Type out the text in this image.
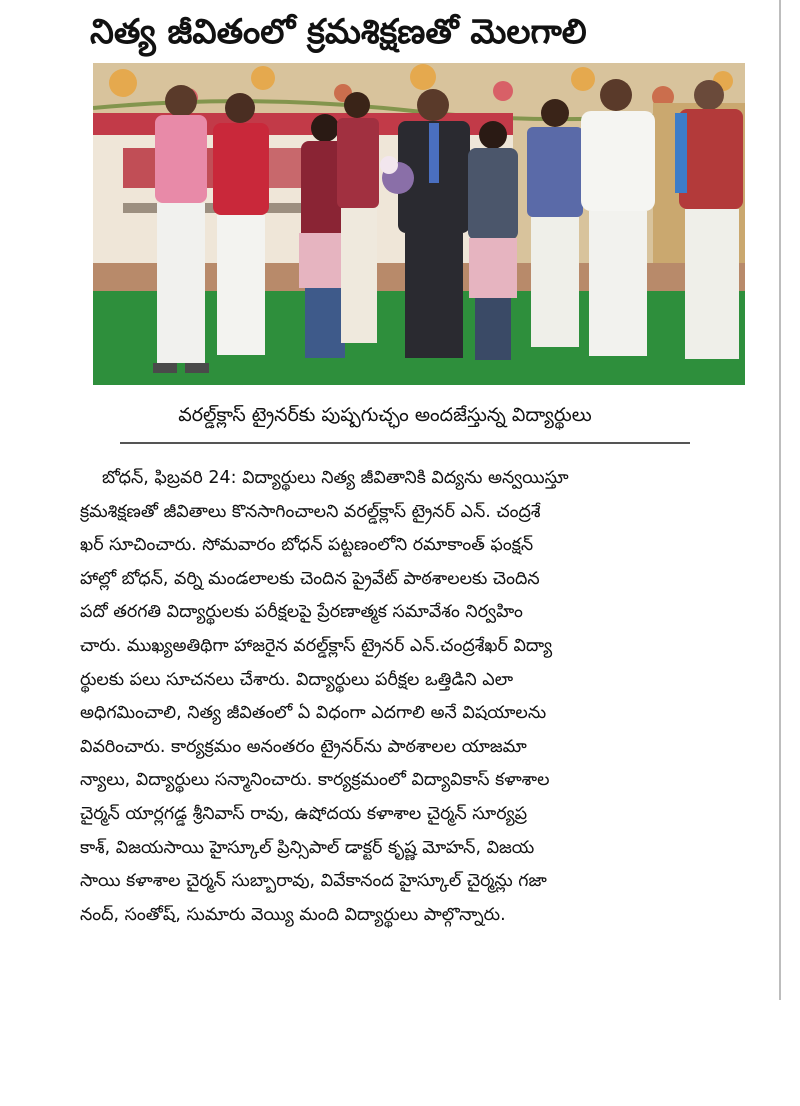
నిత్య జీవితంలో క్రమశిక్షణతో మెలగాలి
వరల్డ్‌క్లాస్ ట్రైనర్‌కు పుష్పగుచ్ఛం అందజేస్తున్న విద్యార్థులు
బోధన్, ఫిబ్రవరి 24: విద్యార్థులు నిత్య జీవితానికి విద్యను అన్వయిస్తూ
క్రమశిక్షణతో జీవితాలు కొనసాగించాలని వరల్డ్‌క్లాస్ ట్రైనర్ ఎన్. చంద్రశే
ఖర్ సూచించారు. సోమవారం బోధన్ పట్టణంలోని రమాకాంత్ ఫంక్షన్
హాల్లో బోధన్, వర్ని మండలాలకు చెందిన ప్రైవేట్ పాఠశాలలకు చెందిన
పదో తరగతి విద్యార్థులకు పరీక్షలపై ప్రేరణాత్మక సమావేశం నిర్వహిం
చారు. ముఖ్యఅతిథిగా హాజరైన వరల్డ్‌క్లాస్ ట్రైనర్ ఎన్.చంద్రశేఖర్ విద్యా
ర్థులకు పలు సూచనలు చేశారు. విద్యార్థులు పరీక్షల ఒత్తిడిని ఎలా
అధిగమించాలి, నిత్య జీవితంలో ఏ విధంగా ఎదగాలి అనే విషయాలను
వివరించారు. కార్యక్రమం అనంతరం ట్రైనర్‌ను పాఠశాలల యాజమా
న్యాలు, విద్యార్థులు సన్మానించారు. కార్యక్రమంలో విద్యావికాస్ కళాశాల
చైర్మన్ యార్లగడ్డ శ్రీనివాస్ రావు, ఉషోదయ కళాశాల చైర్మన్ సూర్యప్ర
కాశ్, విజయసాయి హైస్కూల్ ప్రిన్సిపాల్ డాక్టర్ కృష్ణ మోహన్, విజయ
సాయి కళాశాల చైర్మన్ సుబ్బారావు, వివేకానంద హైస్కూల్ చైర్మన్లు గజా
నంద్, సంతోష్, సుమారు వెయ్యి మంది విద్యార్థులు పాల్గొన్నారు.
